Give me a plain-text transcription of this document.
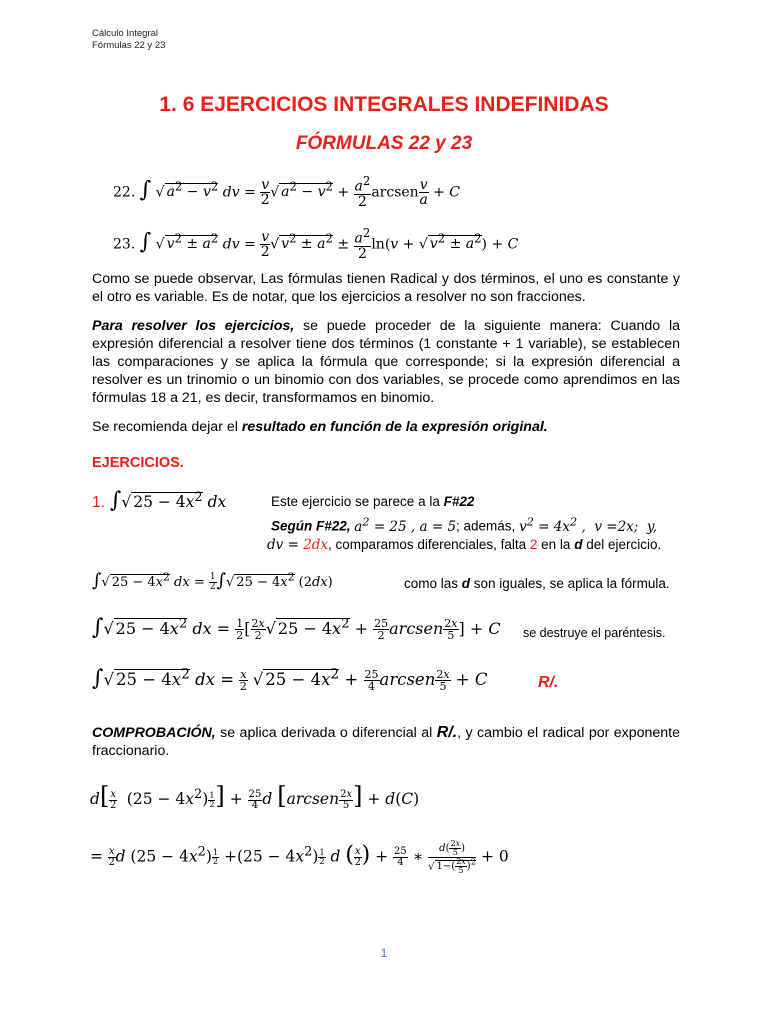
Cálculo Integral
Fórmulas 22 y 23
1. 6 EJERCICIOS INTEGRALES INDEFINIDAS
FÓRMULAS 22 y 23
22. ∫ √ $a^2 - v^2$ dv = $\frac{v}{2}$ √ $a^2 - v^2 + \frac{a^2}{2}$ arcsen $\frac{v}{a} + C$
23. ∫ √ $v^2 \pm a^2$ dv = $\frac{v}{2}$ √ $v^2 \pm a^2 \pm \frac{a^2}{2} \ln(v$ + √ $v^2 \pm a^2) + C$
Como se puede observar, Las fórmulas tienen Radical y dos términos, el uno es constante y el otro es variable. Es de notar, que los ejercicios a resolver no son fracciones.
Para resolver los ejercicios, se puede proceder de la siguiente manera: Cuando la expresión diferencial a resolver tiene dos términos (1 constante + 1 variable), se establecen las comparaciones y se aplica la fórmula que corresponde; si la expresión diferencial a resolver es un trinomio o un binomio con dos variables, se procede como aprendimos en las fórmulas 18 a 21, es decir, transformamos en binomio.
Se recomienda dejar el resultado en función de la expresión original.
EJERCICIOS.
1. ∫√ $25 - 4x^2$ dx	Este ejercicio se parece a la F#22
Según F#22, $a^2 = 25$ , a = 5; además, $v^2 = 4x^2$ ,  v =2x;  y,
dv = 2dx, comparamos diferenciales, falta 2 en la d del ejercicio.
∫√ $25 - 4x^2$ dx = $\frac{1}{2}$ ∫√ $25 - 4x^2$ (2dx)	como las d son iguales, se aplica la fórmula.
∫√ $25 - 4x^2$ dx = $\frac{1}{2}$ [ $\frac{2x}{2}$ √ $25 - 4x^2 + \frac{25}{2}$ arcsen $\frac{2x}{5}$ ] + C se destruye el paréntesis.
∫√ $25 - 4x^2$ dx = $\frac{x}{2}$ √ $25 - 4x^2 + \frac{25}{4}$ arcsen $\frac{2x}{5} + C$	R/.
COMPROBACIÓN, se aplica derivada o diferencial al R/., y cambio el radical por exponente fraccionario.
$d[ \frac{x}{2} (25 - 4x^2) \frac{1}{2}$ ] + $\frac{25}{4}$ d [arcsen $\frac{2x}{5}$ ] + d(C)
= $\frac{x}{2}$ d $(25 - 4x^2) \frac{1}{2} +(25 - 4x^2) \frac{1}{2}$ d ( $\frac{x}{2}$ ) + $\frac{25}{4}$ ∗ $\frac{d( \frac{2x}{5} )}{√ 1-( \frac{2x}{5} )^2} + 0$
1
